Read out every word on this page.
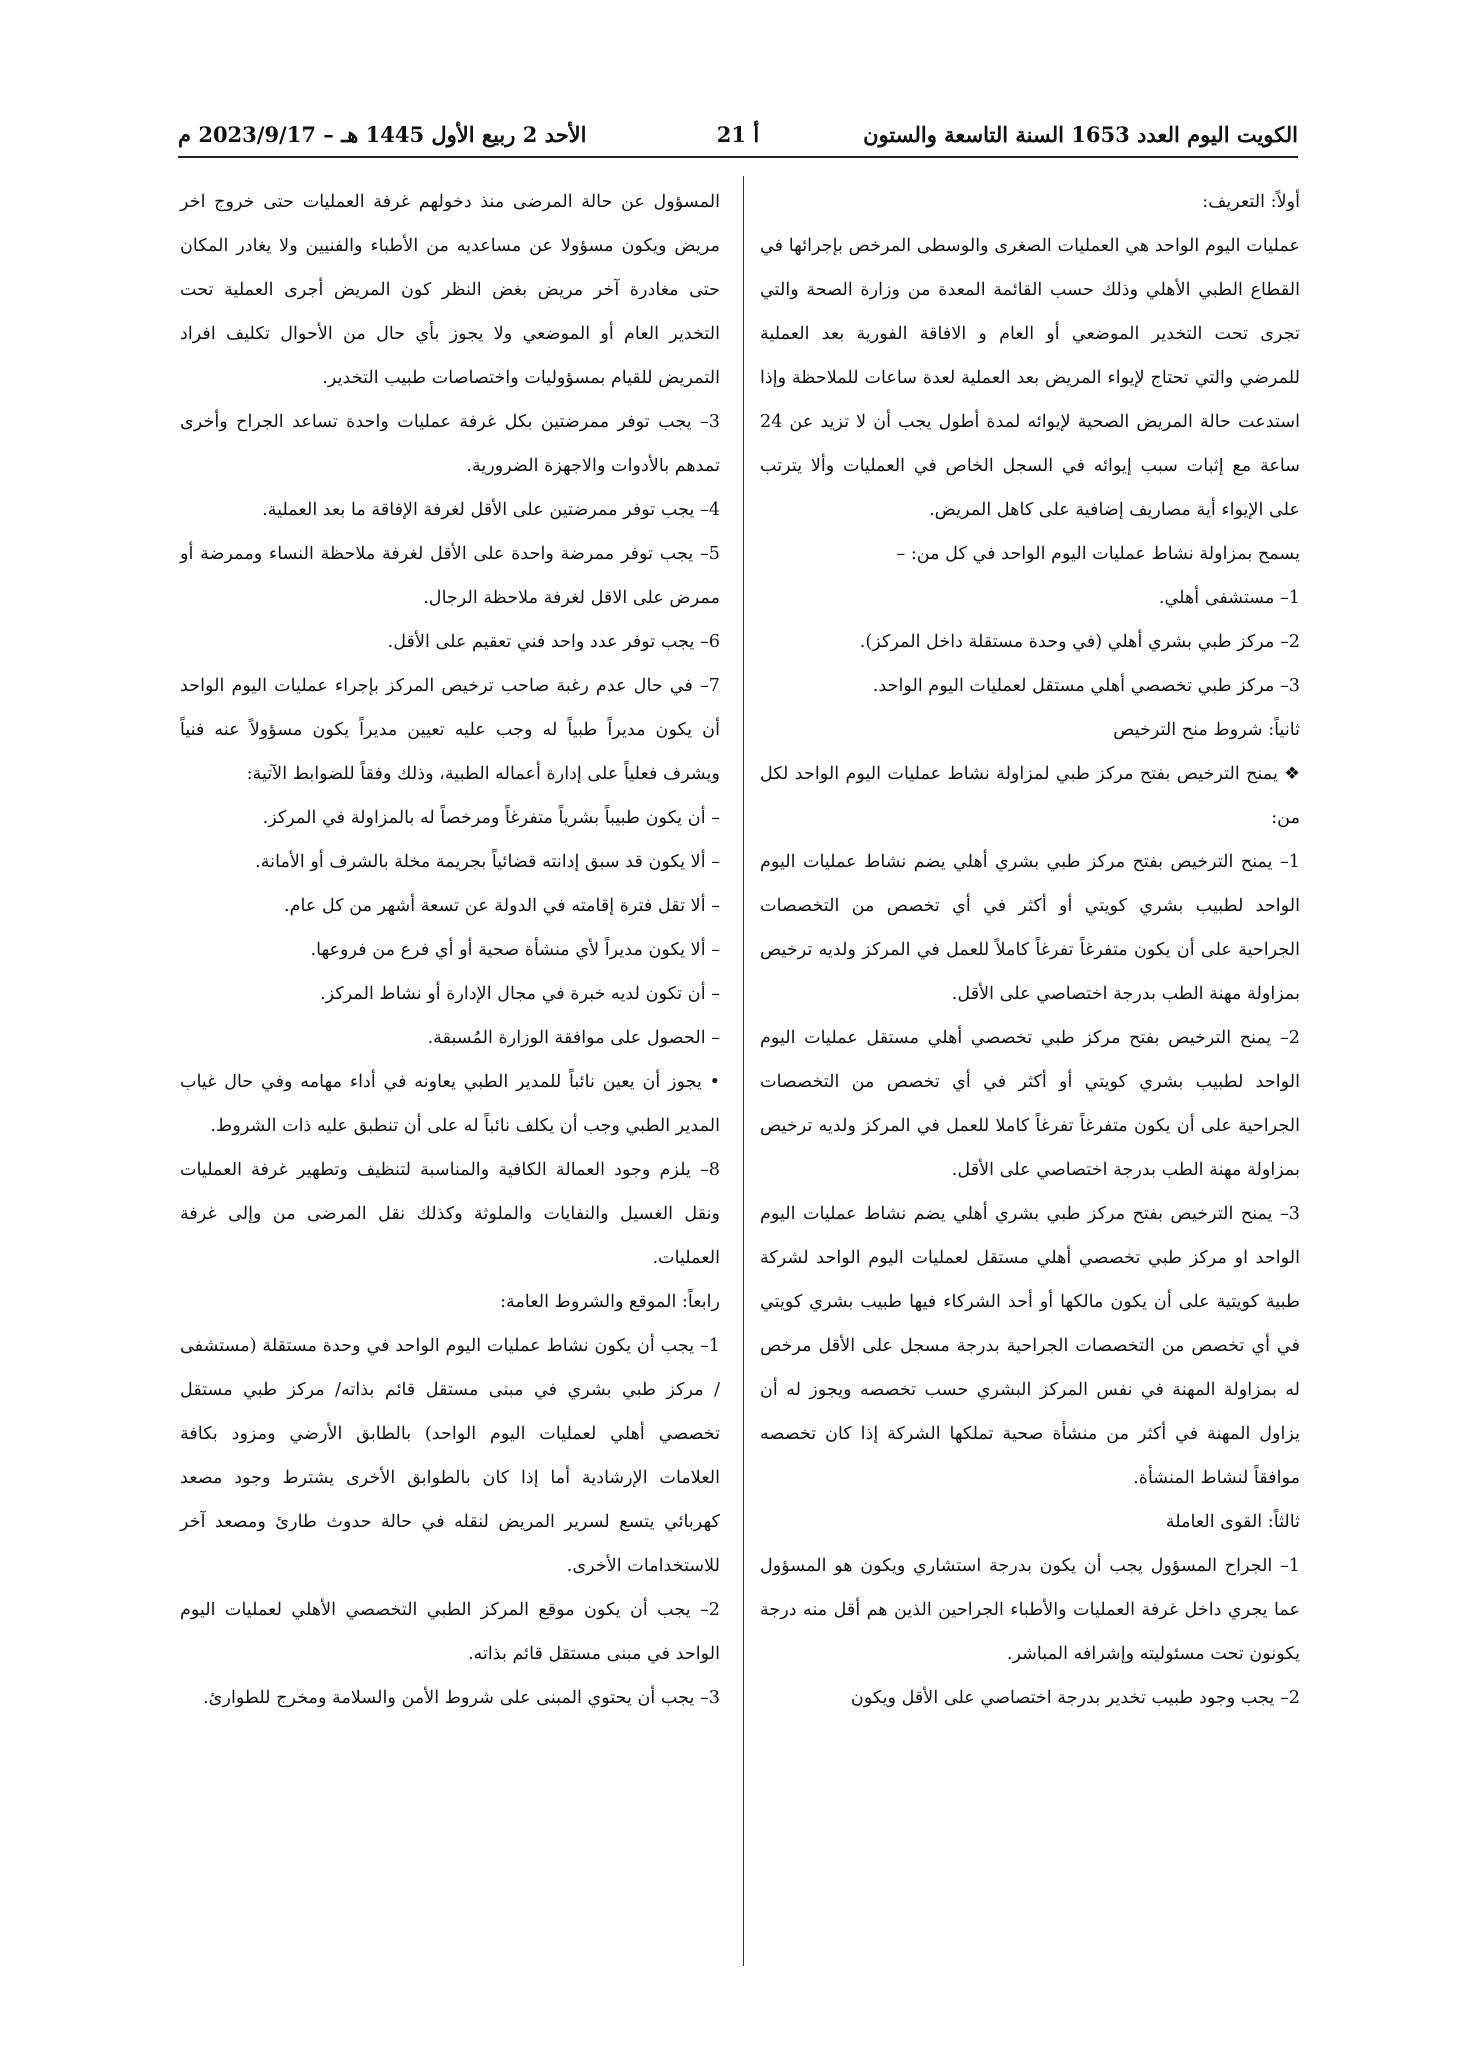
الكويت اليوم العدد 1653 السنة التاسعة والستون
أ 21
الأحد 2 ربيع الأول 1445 هـ – 2023/9/17 م

أولاً: التعريف:

عمليات اليوم الواحد هي العمليات الصغرى والوسطى المرخص بإجرائها في القطاع الطبي الأهلي وذلك حسب القائمة المعدة من وزارة الصحة والتي تجرى تحت التخدير الموضعي أو العام و الافاقة الفورية بعد العملية للمرضي والتي تحتاج لإيواء المريض بعد العملية لعدة ساعات للملاحظة وإذا استدعت حالة المريض الصحية لإيوائه لمدة أطول يجب أن لا تزيد عن 24 ساعة مع إثبات سبب إيوائه في السجل الخاص في العمليات وألا يترتب على الإيواء أية مصاريف إضافية على كاهل المريض.

يسمح بمزاولة نشاط عمليات اليوم الواحد في كل من: –

1– مستشفى أهلي.

2– مركز طبي بشري أهلي (في وحدة مستقلة داخل المركز).

3– مركز طبي تخصصي أهلي مستقل لعمليات اليوم الواحد.

ثانياً: شروط منح الترخيص

❖ يمنح الترخيص بفتح مركز طبي لمزاولة نشاط عمليات اليوم الواحد لكل من:

1– يمنح الترخيص بفتح مركز طبي بشري أهلي يضم نشاط عمليات اليوم الواحد لطبيب بشري كويتي أو أكثر في أي تخصص من التخصصات الجراحية على أن يكون متفرغاً تفرغاً كاملاً للعمل في المركز ولديه ترخيص بمزاولة مهنة الطب بدرجة اختصاصي على الأقل.

2– يمنح الترخيص بفتح مركز طبي تخصصي أهلي مستقل عمليات اليوم الواحد لطبيب بشري كويتي أو أكثر في أي تخصص من التخصصات الجراحية على أن يكون متفرغاً تفرغاً كاملا للعمل في المركز ولديه ترخيص بمزاولة مهنة الطب بدرجة اختصاصي على الأقل.

3– يمنح الترخيص بفتح مركز طبي بشري أهلي يضم نشاط عمليات اليوم الواحد او مركز طبي تخصصي أهلي مستقل لعمليات اليوم الواحد لشركة طبية كويتية على أن يكون مالكها أو أحد الشركاء فيها طبيب بشري كويتي في أي تخصص من التخصصات الجراحية بدرجة مسجل على الأقل مرخص له بمزاولة المهنة في نفس المركز البشري حسب تخصصه ويجوز له أن يزاول المهنة في أكثر من منشأة صحية تملكها الشركة إذا كان تخصصه موافقاً لنشاط المنشأة.

ثالثاً: القوى العاملة

1– الجراح المسؤول يجب أن يكون بدرجة استشاري ويكون هو المسؤول عما يجري داخل غرفة العمليات والأطباء الجراحين الذين هم أقل منه درجة يكونون تحت مسئوليته وإشرافه المباشر.

2– يجب وجود طبيب تخدير بدرجة اختصاصي على الأقل ويكون

المسؤول عن حالة المرضى منذ دخولهم غرفة العمليات حتى خروج اخر مريض ويكون مسؤولا عن مساعديه من الأطباء والفنيين ولا يغادر المكان حتى مغادرة آخر مريض بغض النظر كون المريض أجرى العملية تحت التخدير العام أو الموضعي ولا يجوز بأي حال من الأحوال تكليف افراد التمريض للقيام بمسؤوليات واختصاصات طبيب التخدير.

3– يجب توفر ممرضتين بكل غرفة عمليات واحدة تساعد الجراح وأخرى تمدهم بالأدوات والاجهزة الضرورية.

4– يجب توفر ممرضتين على الأقل لغرفة الإفاقة ما بعد العملية.

5– يجب توفر ممرضة واحدة على الأقل لغرفة ملاحظة النساء وممرضة أو ممرض على الاقل لغرفة ملاحظة الرجال.

6– يجب توفر عدد واحد فني تعقيم على الأقل.

7– في حال عدم رغبة صاحب ترخيص المركز بإجراء عمليات اليوم الواحد أن يكون مديراً طبياً له وجب عليه تعيين مديراً يكون مسؤولاً عنه فنياً ويشرف فعلياً على إدارة أعماله الطبية، وذلك وفقاً للضوابط الآتية:

– أن يكون طبيباً بشرياً متفرغاً ومرخصاً له بالمزاولة في المركز.

– ألا يكون قد سبق إدانته قضائياً بجريمة مخلة بالشرف أو الأمانة.

– ألا تقل فترة إقامته في الدولة عن تسعة أشهر من كل عام.

– ألا يكون مديراً لأي منشأة صحية أو أي فرع من فروعها.

– أن تكون لديه خبرة في مجال الإدارة أو نشاط المركز.

– الحصول على موافقة الوزارة المُسبقة.

• يجوز أن يعين نائباً للمدير الطبي يعاونه في أداء مهامه وفي حال غياب المدير الطبي وجب أن يكلف نائباً له على أن تنطبق عليه ذات الشروط.

8– يلزم وجود العمالة الكافية والمناسبة لتنظيف وتطهير غرفة العمليات ونقل الغسيل والنفايات والملوثة وكذلك نقل المرضى من وإلى غرفة العمليات.

رابعاً: الموقع والشروط العامة:

1– يجب أن يكون نشاط عمليات اليوم الواحد في وحدة مستقلة (مستشفى / مركز طبي بشري في مبنى مستقل قائم بذاته/ مركز طبي مستقل تخصصي أهلي لعمليات اليوم الواحد) بالطابق الأرضي ومزود بكافة العلامات الإرشادية أما إذا كان بالطوابق الأخرى يشترط وجود مصعد كهربائي يتسع لسرير المريض لنقله في حالة حدوث طارئ ومصعد آخر للاستخدامات الأخرى.

2– يجب أن يكون موقع المركز الطبي التخصصي الأهلي لعمليات اليوم الواحد في مبنى مستقل قائم بذاته.

3– يجب أن يحتوي المبنى على شروط الأمن والسلامة ومخرج للطوارئ.
